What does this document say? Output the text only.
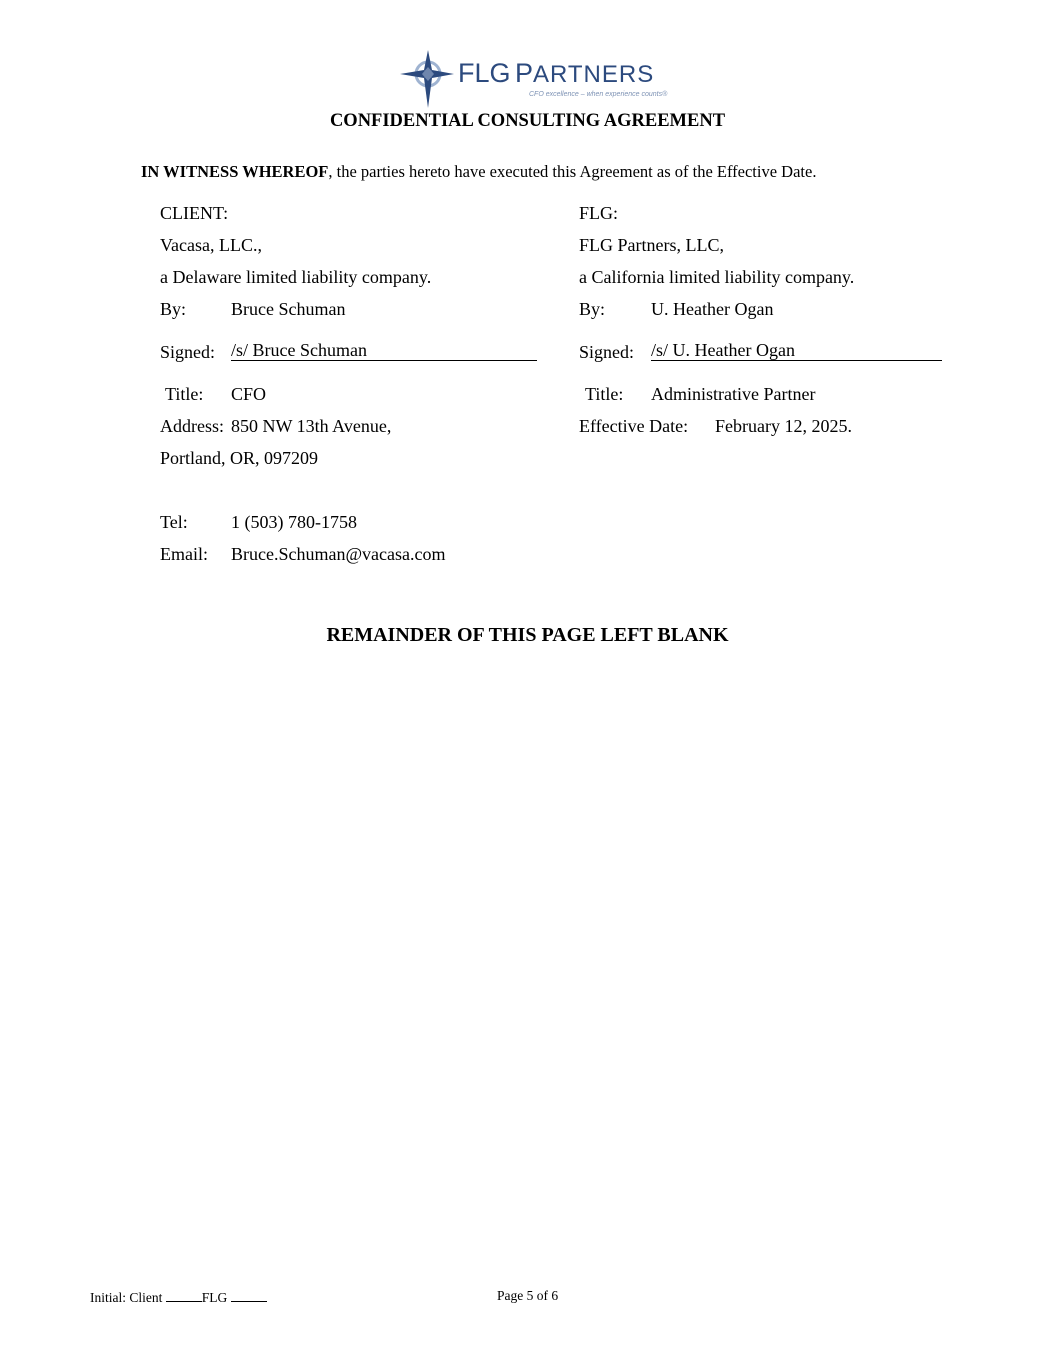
FLG PARTNERS
CFO excellence – when experience counts®
CONFIDENTIAL CONSULTING AGREEMENT
IN WITNESS WHEREOF, the parties hereto have executed this Agreement as of the Effective Date.
CLIENT:
Vacasa, LLC.,
a Delaware limited liability company.
By: Bruce Schuman
Signed: /s/ Bruce Schuman
Title: CFO
Address: 850 NW 13th Avenue,
Portland, OR, 097209
Tel: 1 (503) 780-1758
Email: Bruce.Schuman@vacasa.com
FLG:
FLG Partners, LLC,
a California limited liability company.
By:	U. Heather Ogan
Signed: /s/ U. Heather Ogan
Title: Administrative Partner
Effective Date: February 12, 2025.
REMAINDER OF THIS PAGE LEFT BLANK
Initial: Client	FLG	Page 5 of 6
